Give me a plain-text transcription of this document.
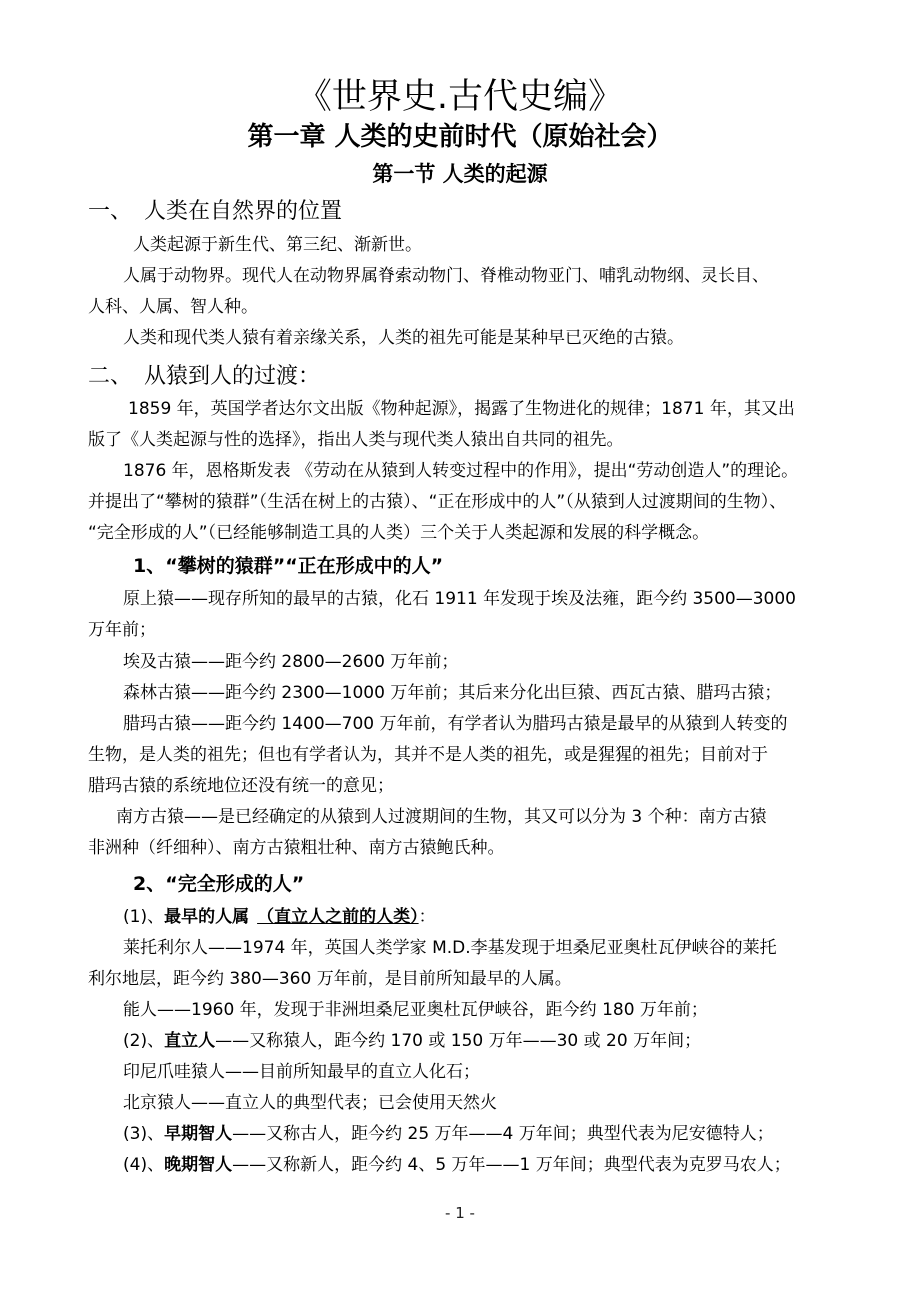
《世界史.古代史编》
第一章 人类的史前时代（原始社会）
第一节 人类的起源
一、 人类在自然界的位置
人类起源于新生代、第三纪、渐新世。
人属于动物界。现代人在动物界属脊索动物门、脊椎动物亚门、哺乳动物纲、灵长目、
人科、人属、智人种。
人类和现代类人猿有着亲缘关系，人类的祖先可能是某种早已灭绝的古猿。
二、 从猿到人的过渡：
1859 年，英国学者达尔文出版《物种起源》，揭露了生物进化的规律；1871 年，其又出
版了《人类起源与性的选择》，指出人类与现代类人猿出自共同的祖先。
1876 年，恩格斯发表 《劳动在从猿到人转变过程中的作用》，提出“劳动创造人”的理论。
并提出了“攀树的猿群”（生活在树上的古猿）、“正在形成中的人”（从猿到人过渡期间的生物）、
“完全形成的人”（已经能够制造工具的人类）三个关于人类起源和发展的科学概念。
1、“攀树的猿群”“正在形成中的人”
原上猿——现存所知的最早的古猿，化石 1911 年发现于埃及法雍，距今约 3500—3000
万年前；
埃及古猿——距今约 2800—2600 万年前；
森林古猿——距今约 2300—1000 万年前；其后来分化出巨猿、西瓦古猿、腊玛古猿；
腊玛古猿——距今约 1400—700 万年前，有学者认为腊玛古猿是最早的从猿到人转变的
生物，是人类的祖先；但也有学者认为，其并不是人类的祖先，或是猩猩的祖先；目前对于
腊玛古猿的系统地位还没有统一的意见；
南方古猿——是已经确定的从猿到人过渡期间的生物，其又可以分为 3 个种：南方古猿
非洲种（纤细种）、南方古猿粗壮种、南方古猿鲍氏种。
2、“完全形成的人”
(1)、最早的人属 （直立人之前的人类）：
莱托利尔人——1974 年，英国人类学家 M.D.李基发现于坦桑尼亚奥杜瓦伊峡谷的莱托
利尔地层，距今约 380—360 万年前，是目前所知最早的人属。
能人——1960 年，发现于非洲坦桑尼亚奥杜瓦伊峡谷，距今约 180 万年前；
(2)、直立人——又称猿人，距今约 170 或 150 万年——30 或 20 万年间；
印尼爪哇猿人——目前所知最早的直立人化石；
北京猿人——直立人的典型代表；已会使用天然火
(3)、早期智人——又称古人，距今约 25 万年——4 万年间；典型代表为尼安德特人；
(4)、晚期智人——又称新人，距今约 4、5 万年——1 万年间；典型代表为克罗马农人；
- 1 -
